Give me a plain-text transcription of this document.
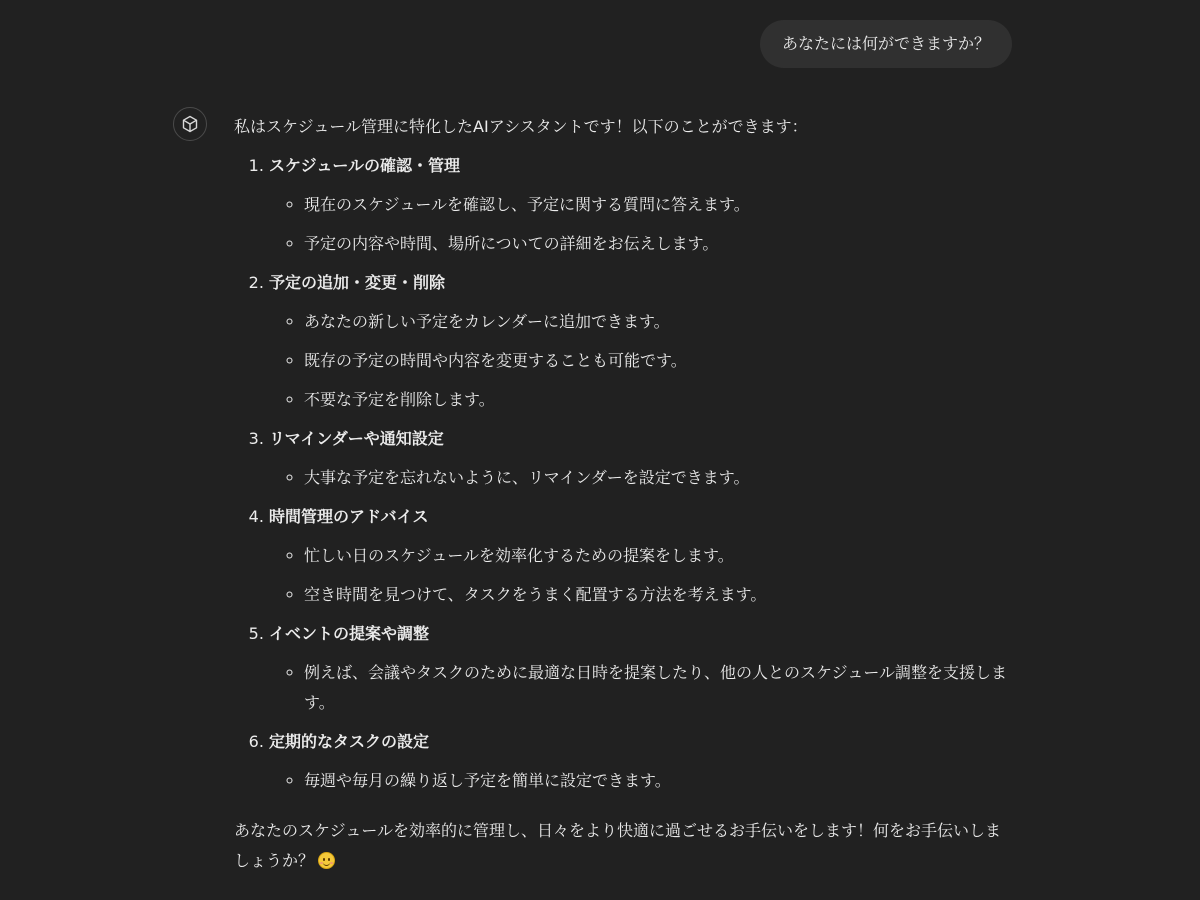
あなたには何ができますか？

私はスケジュール管理に特化したAIアシスタントです！以下のことができます：

1. スケジュールの確認・管理
◦ 現在のスケジュールを確認し、予定に関する質問に答えます。
◦ 予定の内容や時間、場所についての詳細をお伝えします。
2. 予定の追加・変更・削除
◦ あなたの新しい予定をカレンダーに追加できます。
◦ 既存の予定の時間や内容を変更することも可能です。
◦ 不要な予定を削除します。
3. リマインダーや通知設定
◦ 大事な予定を忘れないように、リマインダーを設定できます。
4. 時間管理のアドバイス
◦ 忙しい日のスケジュールを効率化するための提案をします。
◦ 空き時間を見つけて、タスクをうまく配置する方法を考えます。
5. イベントの提案や調整
◦ 例えば、会議やタスクのために最適な日時を提案したり、他の人とのスケジュール調整を支援します。
6. 定期的なタスクの設定
◦ 毎週や毎月の繰り返し予定を簡単に設定できます。

あなたのスケジュールを効率的に管理し、日々をより快適に過ごせるお手伝いをします！何をお手伝いしましょうか？
